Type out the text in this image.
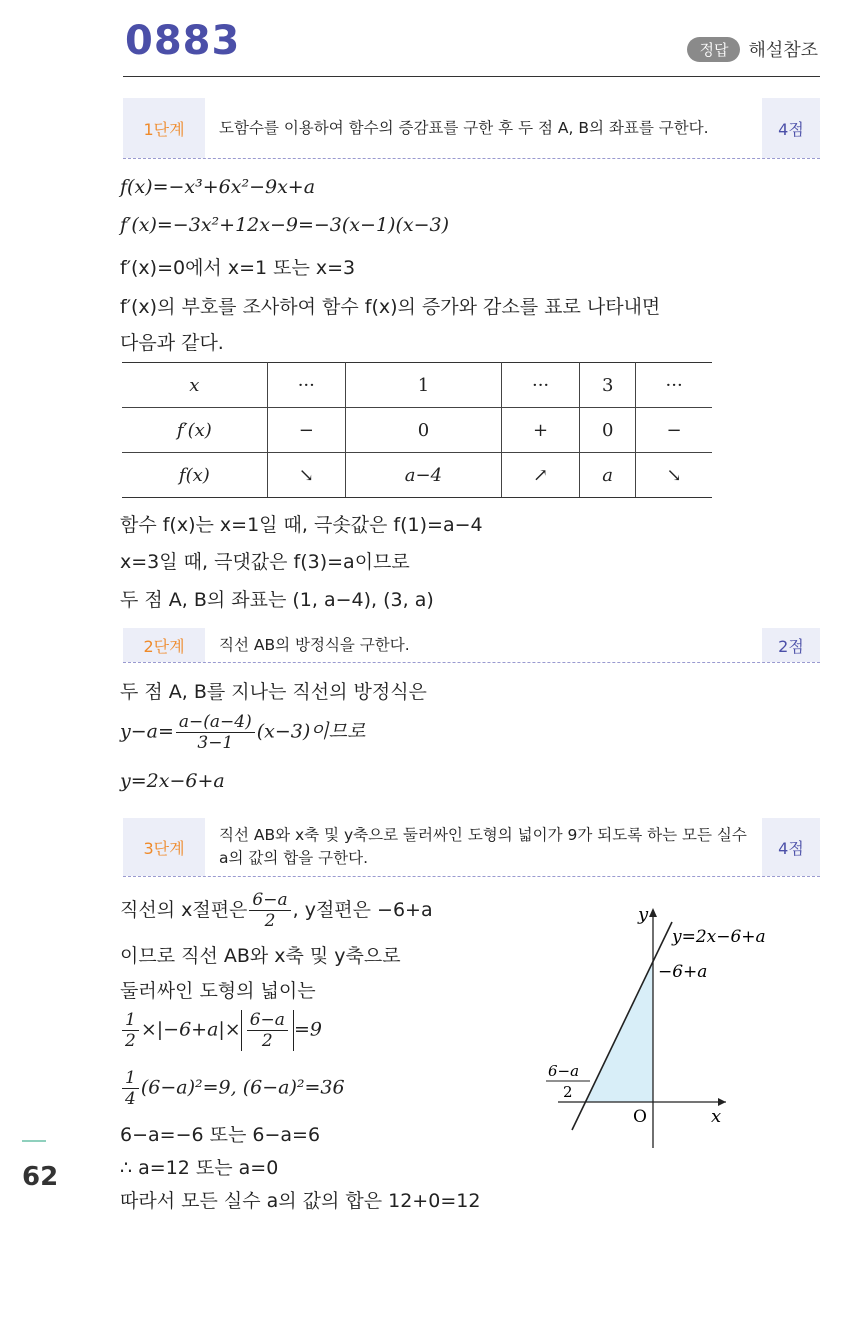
0883	정답	해설참조
1단계	도함수를 이용하여 함수의 증감표를 구한 후 두 점 A, B의 좌표를 구한다.	4점
f(x)=−x³+6x²−9x+a
f′(x)=−3x²+12x−9=−3(x−1)(x−3)
f′(x)=0에서 x=1 또는 x=3
f′(x)의 부호를 조사하여 함수 f(x)의 증가와 감소를 표로 나타내면
다음과 같다.
x	···	1	···	3	···
f′(x)	−	0	+	0	−
f(x)	↘	a−4	↗	a	↘
함수 f(x)는 x=1일 때, 극솟값은 f(1)=a−4
x=3일 때, 극댓값은 f(3)=a이므로
두 점 A, B의 좌표는 (1, a−4), (3, a)
2단계	직선 AB의 방정식을 구한다.	2점
두 점 A, B를 지나는 직선의 방정식은
$y-a= \frac{a-(a-4)}{3-1} (x-3)$이므로
y=2x−6+a
3단계
직선 AB와 x축 및 y축으로 둘러싸인 도형의 넓이가 9가 되도록 하는 모든 실수 a의 값의 합을 구한다.
4점
직선의 x절편은 $\frac{6-a}{2}$ , y절편은 −6+a
이므로 직선 AB와 x축 및 y축으로
둘러싸인 도형의 넓이는
$\frac{1}{2} \times|-6+a|\times \frac{6-a}{2} =9$
$\frac{1}{4} (6-a)^2=9$, (6−a)²=36
6−a=−6 또는 6−a=6
∴ a=12 또는 a=0
따라서 모든 실수 a의 값의 합은 12+0=12
y
x
O
y=2x−6+a
−6+a
6−a
2
62
